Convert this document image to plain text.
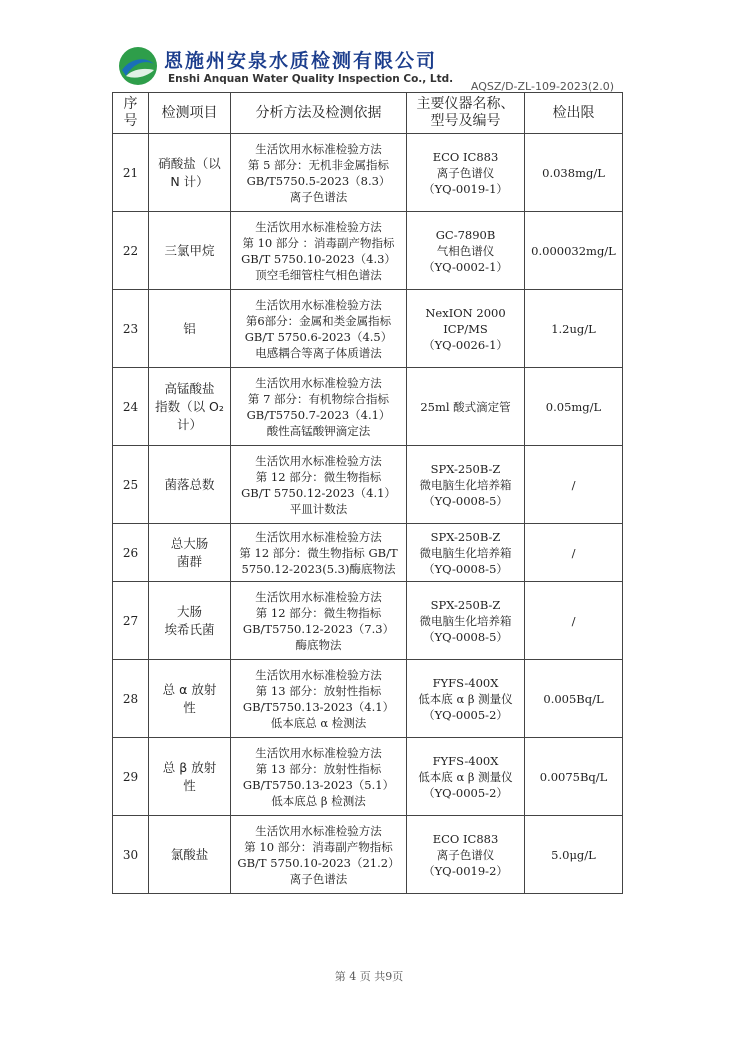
恩施州安泉水质检测有限公司
Enshi Anquan Water Quality Inspection Co., Ltd.
AQSZ/D-ZL-109-2023(2.0)
序
号	检测项目	分析方法及检测依据	主要仪器名称、
型号及编号	检出限

21	硝酸盐（以
N 计）	生活饮用水标准检验方法
第 5 部分：无机非金属指标
GB/T5750.5-2023（8.3）
离子色谱法	ECO IC883
离子色谱仪
（YQ-0019-1）	0.038mg/L
22	三氯甲烷	生活饮用水标准检验方法
第 10 部分 ：消毒副产物指标
GB/T 5750.10-2023（4.3）
顶空毛细管柱气相色谱法	GC-7890B
气相色谱仪
（YQ-0002-1）	0.000032mg/L
23	铝	生活饮用水标准检验方法
第6部分：金属和类金属指标
GB/T 5750.6-2023（4.5）
电感耦合等离子体质谱法	NexION 2000
ICP/MS
（YQ-0026-1）	1.2ug/L
24	高锰酸盐
指数（以 O₂
计）	生活饮用水标准检验方法
第 7 部分：有机物综合指标
GB/T5750.7-2023（4.1）
酸性高锰酸钾滴定法	25ml 酸式滴定管	0.05mg/L
25	菌落总数	生活饮用水标准检验方法
第 12 部分：微生物指标
GB/T 5750.12-2023（4.1）
平皿计数法	SPX-250B-Z
微电脑生化培养箱
（YQ-0008-5）	/
26	总大肠
菌群	生活饮用水标准检验方法
第 12 部分：微生物指标 GB/T
5750.12-2023(5.3)酶底物法	SPX-250B-Z
微电脑生化培养箱
（YQ-0008-5）	/
27	大肠
埃希氏菌	生活饮用水标准检验方法
第 12 部分：微生物指标
GB/T5750.12-2023（7.3）
酶底物法	SPX-250B-Z
微电脑生化培养箱
（YQ-0008-5）	/
28	总 α 放射
性	生活饮用水标准检验方法
第 13 部分：放射性指标
GB/T5750.13-2023（4.1）
低本底总 α 检测法	FYFS-400X
低本底 α β 测量仪
（YQ-0005-2）	0.005Bq/L
29	总 β 放射
性	生活饮用水标准检验方法
第 13 部分：放射性指标
GB/T5750.13-2023（5.1）
低本底总 β 检测法	FYFS-400X
低本底 α β 测量仪
（YQ-0005-2）	0.0075Bq/L
30	氯酸盐	生活饮用水标准检验方法
第 10 部分：消毒副产物指标
GB/T 5750.10-2023（21.2）
离子色谱法	ECO IC883
离子色谱仪
（YQ-0019-2）	5.0μg/L
第 4 页 共9页
